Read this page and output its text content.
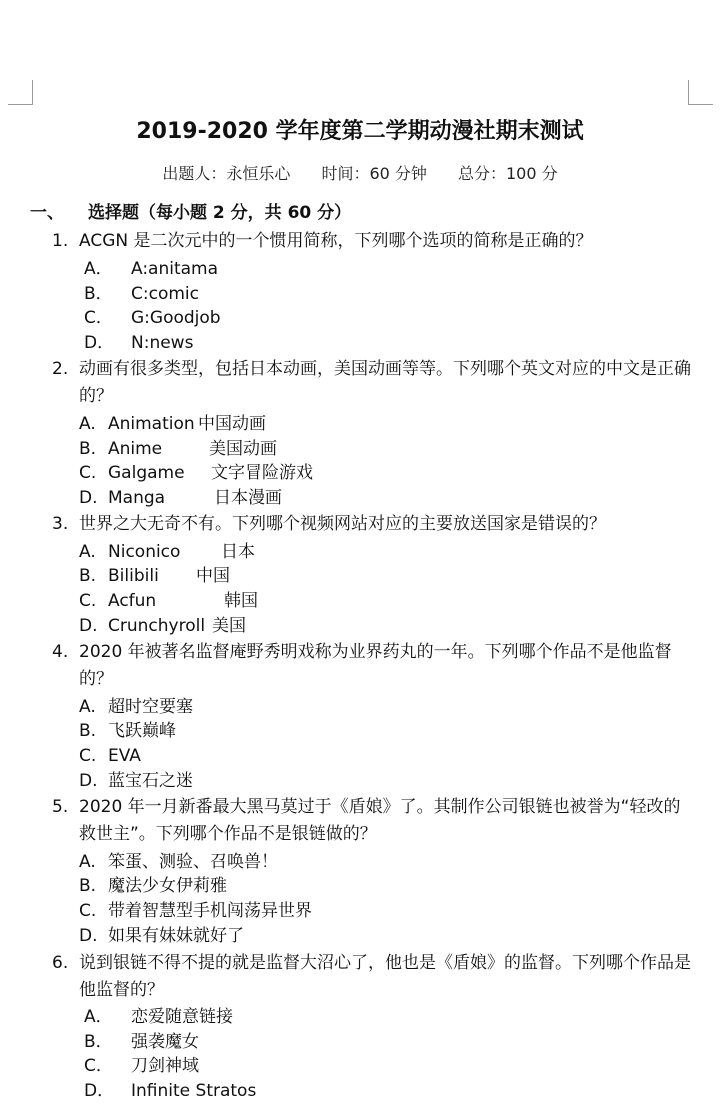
2019-2020 学年度第二学期动漫社期末测试
出题人：永恒乐心 时间：60 分钟 总分：100 分
一、 选择题（每小题 2 分，共 60 分）
1. ACGN 是二次元中的一个惯用简称，下列哪个选项的简称是正确的？
A． A:anitama
B． C:comic
C． G:Goodjob
D． N:news
2. 动画有很多类型，包括日本动画，美国动画等等。下列哪个英文对应的中文是正确的？
A. Animation 中国动画
B. Anime	美国动画
C. Galgame 文字冒险游戏
D. Manga	日本漫画
3. 世界之大无奇不有。下列哪个视频网站对应的主要放送国家是错误的？
A. Niconico 日本
B. Bilibili 中国
C. Acfun	韩国
D. Crunchyroll 美国
4. 2020 年被著名监督庵野秀明戏称为业界药丸的一年。下列哪个作品不是他监督的？
A. 超时空要塞
B. 飞跃巅峰
C. EVA
D. 蓝宝石之迷
5. 2020 年一月新番最大黑马莫过于《盾娘》了。其制作公司银链也被誉为“轻改的救世主”。下列哪个作品不是银链做的？
A. 笨蛋、测验、召唤兽！
B. 魔法少女伊莉雅
C. 带着智慧型手机闯荡异世界
D. 如果有妹妹就好了
6. 说到银链不得不提的就是监督大沼心了，他也是《盾娘》的监督。下列哪个作品是他监督的？
A． 恋爱随意链接
B． 强袭魔女
C． 刀剑神域
D． Infinite Stratos
